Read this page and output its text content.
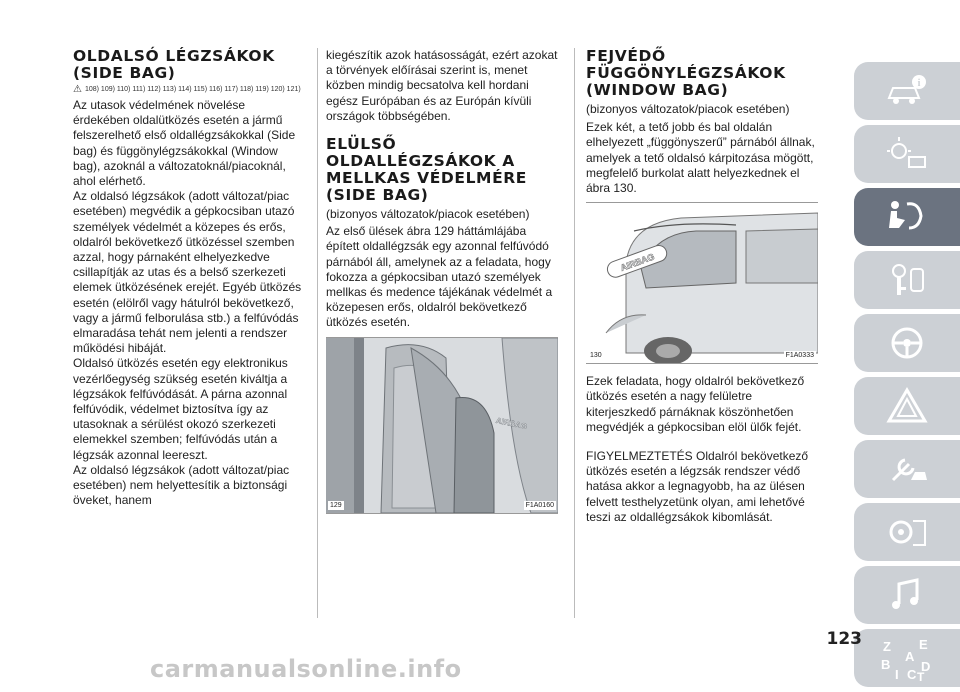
OLDALSÓ LÉGZSÁKOK (SIDE BAG)
⚠ 108) 109) 110) 111) 112) 113) 114) 115) 116) 117) 118) 119) 120) 121)

Az utasok védelmének növelése érdekében oldalütközés esetén a jármű felszerelhető első oldallégzsákokkal (Side bag) és függönylégzsákokkal (Window bag), azoknál a változatoknál/piacoknál, ahol elérhető.

Az oldalsó légzsákok (adott változat/piac esetében) megvédik a gépkocsiban utazó személyek védelmét a közepes és erős, oldalról bekövetkező ütközéssel szemben azzal, hogy párnaként elhelyezkedve csillapítják az utas és a belső szerkezeti elemek ütközésének erejét. Egyéb ütközés esetén (elölről vagy hátulról bekövetkező, vagy a jármű felborulása stb.) a felfúvódás elmaradása tehát nem jelenti a rendszer működési hibáját.

Oldalsó ütközés esetén egy elektronikus vezérlőegység szükség esetén kiváltja a légzsákok felfúvódását. A párna azonnal felfúvódik, védelmet biztosítva így az utasoknak a sérülést okozó szerkezeti elemekkel szemben; felfúvódás után a légzsák azonnal leereszt.

Az oldalsó légzsákok (adott változat/piac esetében) nem helyettesítik a biztonsági öveket, hanem

kiegészítik azok hatásosságát, ezért azokat a törvények előírásai szerint is, menet közben mindig becsatolva kell hordani egész Európában és az Európán kívüli országok többségében.

ELÜLSŐ OLDALLÉGZSÁKOK A MELLKAS VÉDELMÉRE (SIDE BAG)

(bizonyos változatok/piacok esetében)

Az első ülések ábra 129 háttámlájába épített oldallégzsák egy azonnal felfúvódó párnából áll, amelynek az a feladata, hogy fokozza a gépkocsiban utazó személyek mellkas és medence tájékának védelmét a közepesen erős, oldalról bekövetkező ütközés esetén.

AIRBAG
129	F1A0160
FEJVÉDŐ FÜGGÖNYLÉGZSÁKOK (WINDOW BAG)

(bizonyos változatok/piacok esetében)

Ezek két, a tető jobb és bal oldalán elhelyezett „függönyszerű” párnából állnak, amelyek a tető oldalsó kárpitozása mögött, megfelelő burkolat alatt helyezkednek el ábra 130.

AIRBAG
130	F1A0333

Ezek feladata, hogy oldalról bekövetkező ütközés esetén a nagy felületre kiterjeszkedő párnáknak köszönhetően megvédjék a gépkocsiban elöl ülők fejét.

FIGYELMEZTETÉS Oldalról bekövetkező ütközés esetén a légzsák rendszer védő hatása akkor a legnagyobb, ha az ülésen felvett testhelyzetünk olyan, ami lehetővé teszi az oldallégzsákok kibomlását.

i
Z E
A
B
I C
D
T
123
carmanualsonline.info
